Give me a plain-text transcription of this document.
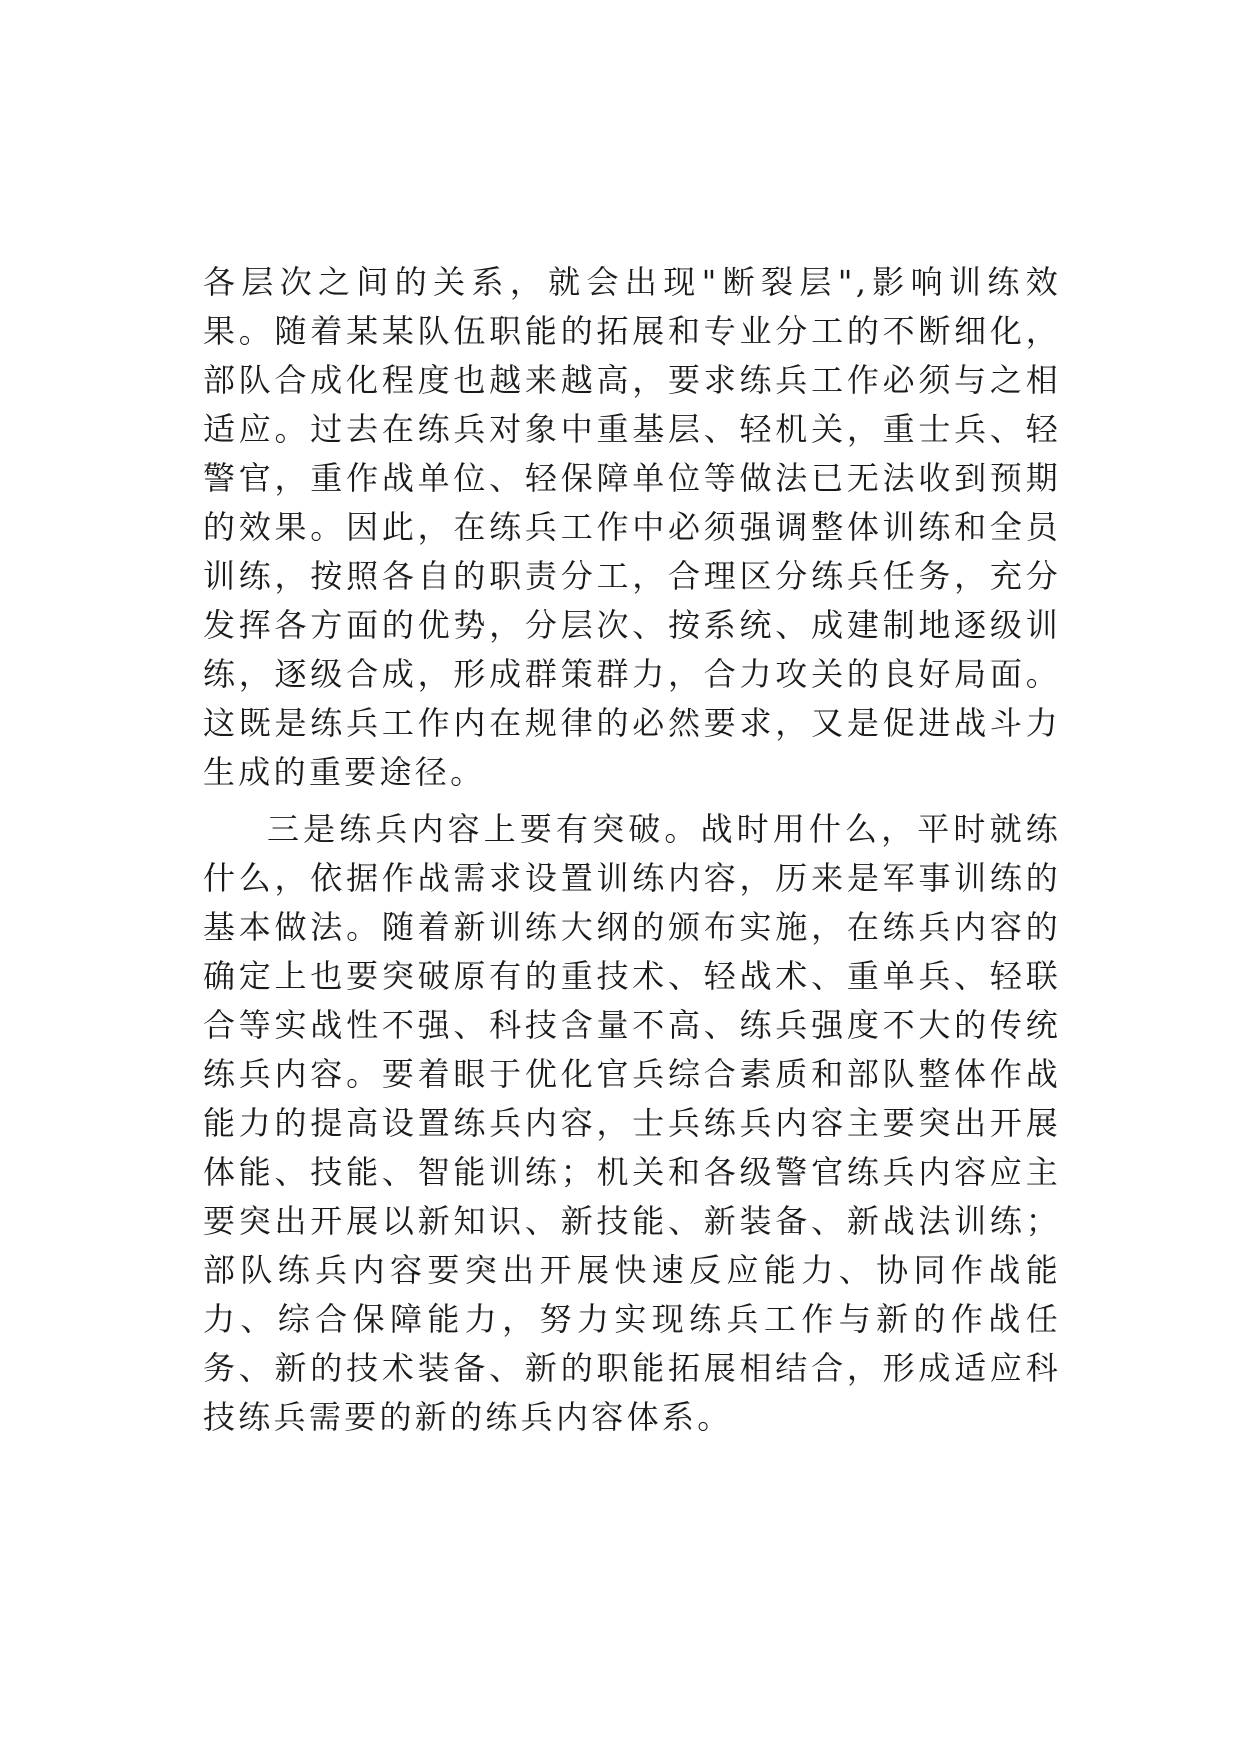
各层次之间的关系，就会出现"断裂层",影响训练效果。随着某某队伍职能的拓展和专业分工的不断细化，部队合成化程度也越来越高，要求练兵工作必须与之相适应。过去在练兵对象中重基层、轻机关，重士兵、轻警官，重作战单位、轻保障单位等做法已无法收到预期的效果。因此，在练兵工作中必须强调整体训练和全员训练，按照各自的职责分工，合理区分练兵任务，充分发挥各方面的优势，分层次、按系统、成建制地逐级训练，逐级合成，形成群策群力，合力攻关的良好局面。这既是练兵工作内在规律的必然要求，又是促进战斗力生成的重要途径。

三是练兵内容上要有突破。战时用什么，平时就练什么，依据作战需求设置训练内容，历来是军事训练的基本做法。随着新训练大纲的颁布实施，在练兵内容的确定上也要突破原有的重技术、轻战术、重单兵、轻联合等实战性不强、科技含量不高、练兵强度不大的传统练兵内容。要着眼于优化官兵综合素质和部队整体作战能力的提高设置练兵内容，士兵练兵内容主要突出开展体能、技能、智能训练；机关和各级警官练兵内容应主要突出开展以新知识、新技能、新装备、新战法训练；部队练兵内容要突出开展快速反应能力、协同作战能力、综合保障能力，努力实现练兵工作与新的作战任务、新的技术装备、新的职能拓展相结合，形成适应科技练兵需要的新的练兵内容体系。
